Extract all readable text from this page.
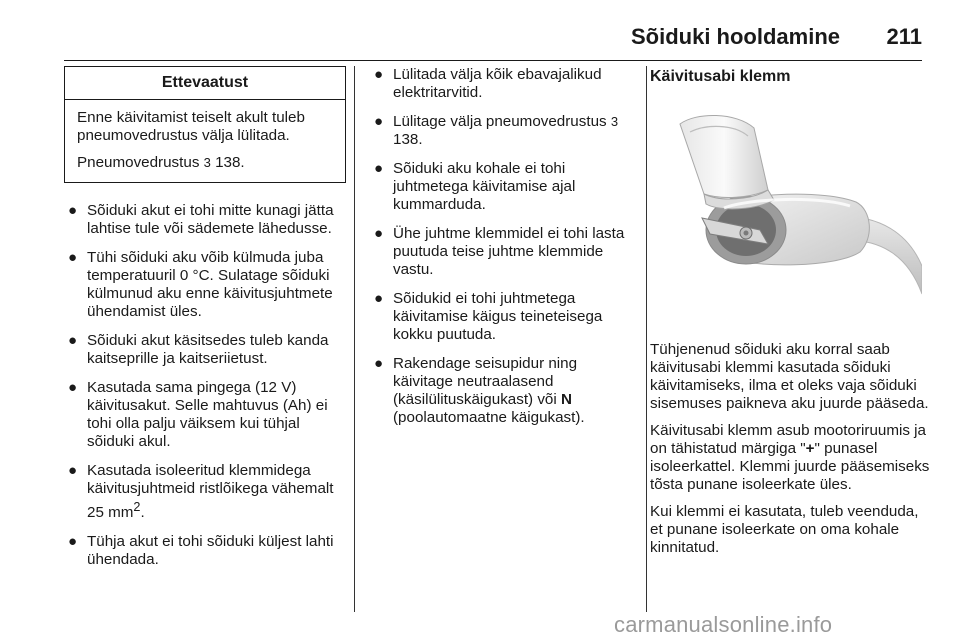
Sõiduki hooldamine 211
Ettevaatust

Enne käivitamist teiselt akult tuleb pneumovedrustus välja lülitada.

Pneumovedrustus 3 138.

● Sõiduki akut ei tohi mitte kunagi jätta lahtise tule või sädemete lähedusse.
● Tühi sõiduki aku võib külmuda juba temperatuuril 0 °C. Sulatage sõiduki külmunud aku enne käivitusjuhtmete ühendamist üles.
● Sõiduki akut käsitsedes tuleb kanda kaitseprille ja kaitseriietust.
● Kasutada sama pingega (12 V) käivitusakut. Selle mahtuvus (Ah) ei tohi olla palju väiksem kui tühjal sõiduki akul.
● Kasutada isoleeritud klemmidega käivitusjuhtmeid ristlõikega vähemalt 25 $mm^2$.
● Tühja akut ei tohi sõiduki küljest lahti ühendada.
● Lülitada välja kõik ebavajalikud elektritarvitid.
● Lülitage välja pneumovedrustus 3 138.
● Sõiduki aku kohale ei tohi juhtmetega käivitamise ajal kummarduda.
● Ühe juhtme klemmidel ei tohi lasta puutuda teise juhtme klemmide vastu.
● Sõidukid ei tohi juhtmetega käivitamise käigus teineteisega kokku puutuda.
● Rakendage seisupidur ning käivitage neutraalasend (käsilülituskäigukast) või N (poolautomaatne käigukast).
Käivitusabi klemm

Tühjenenud sõiduki aku korral saab käivitusabi klemmi kasutada sõiduki käivitamiseks, ilma et oleks vaja sõiduki sisemuses paikneva aku juurde pääseda.

Käivitusabi klemm asub mootoriruumis ja on tähistatud märgiga "+" punasel isoleerkattel. Klemmi juurde pääsemiseks tõsta punane isoleerkate üles.

Kui klemmi ei kasutata, tuleb veenduda, et punane isoleerkate on oma kohale kinnitatud.

carmanualsonline.info
